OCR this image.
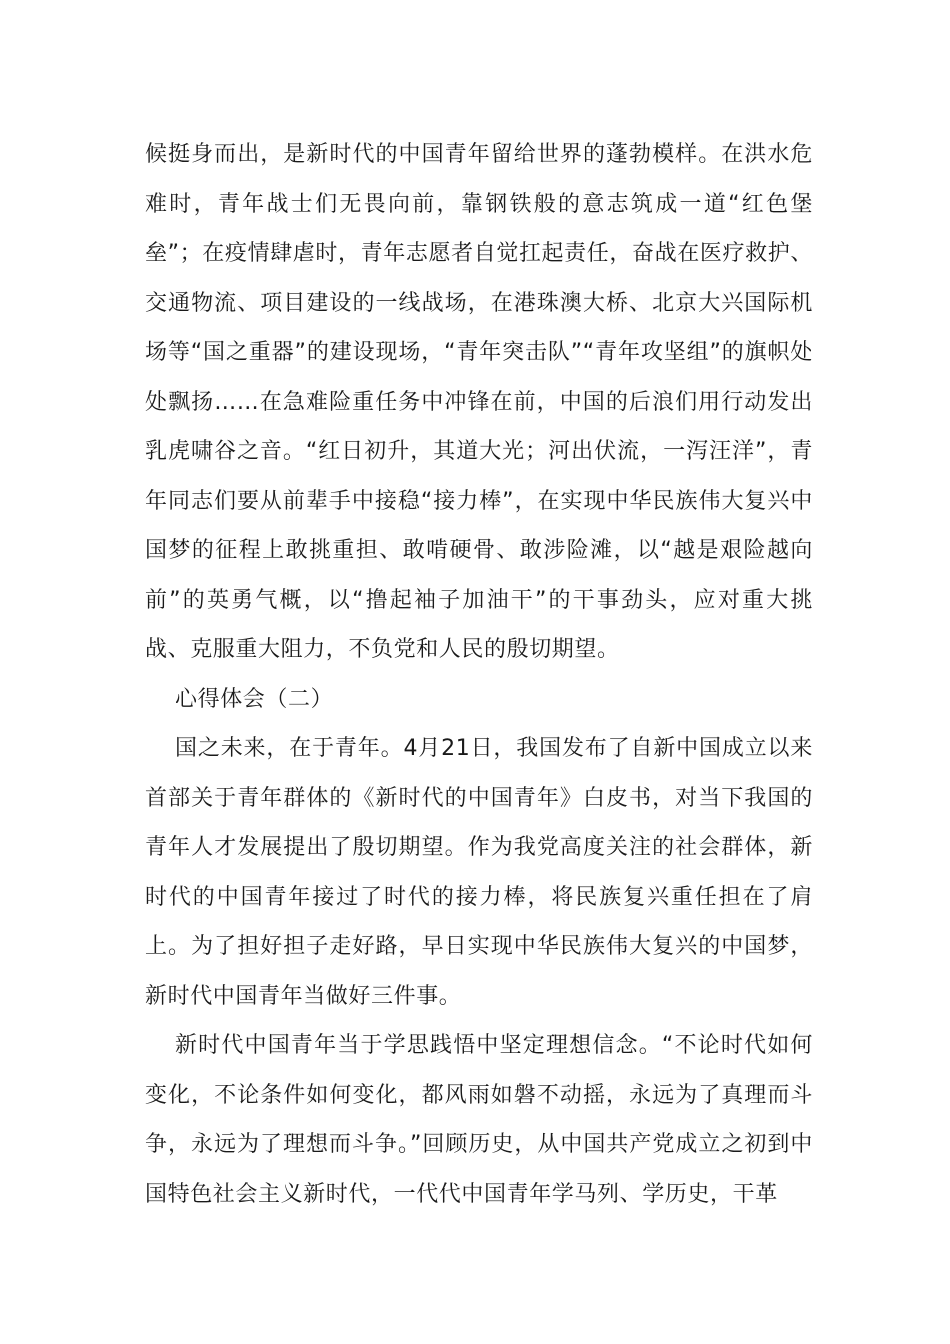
候挺身而出，是新时代的中国青年留给世界的蓬勃模样。在洪水危难时，青年战士们无畏向前，靠钢铁般的意志筑成一道“红色堡垒”；在疫情肆虐时，青年志愿者自觉扛起责任，奋战在医疗救护、交通物流、项目建设的一线战场，在港珠澳大桥、北京大兴国际机场等“国之重器”的建设现场，“青年突击队”“青年攻坚组”的旗帜处处飘扬……在急难险重任务中冲锋在前，中国的后浪们用行动发出乳虎啸谷之音。“红日初升，其道大光；河出伏流，一泻汪洋”，青年同志们要从前辈手中接稳“接力棒”，在实现中华民族伟大复兴中国梦的征程上敢挑重担、敢啃硬骨、敢涉险滩，以“越是艰险越向前”的英勇气概，以“撸起袖子加油干”的干事劲头，应对重大挑战、克服重大阻力，不负党和人民的殷切期望。

心得体会（二）

国之未来，在于青年。4月21日，我国发布了自新中国成立以来首部关于青年群体的《新时代的中国青年》白皮书，对当下我国的青年人才发展提出了殷切期望。作为我党高度关注的社会群体，新时代的中国青年接过了时代的接力棒，将民族复兴重任担在了肩上。为了担好担子走好路，早日实现中华民族伟大复兴的中国梦，新时代中国青年当做好三件事。

新时代中国青年当于学思践悟中坚定理想信念。“不论时代如何变化，不论条件如何变化，都风雨如磐不动摇，永远为了真理而斗争，永远为了理想而斗争。”回顾历史，从中国共产党成立之初到中国特色社会主义新时代，一代代中国青年学马列、学历史，干革
